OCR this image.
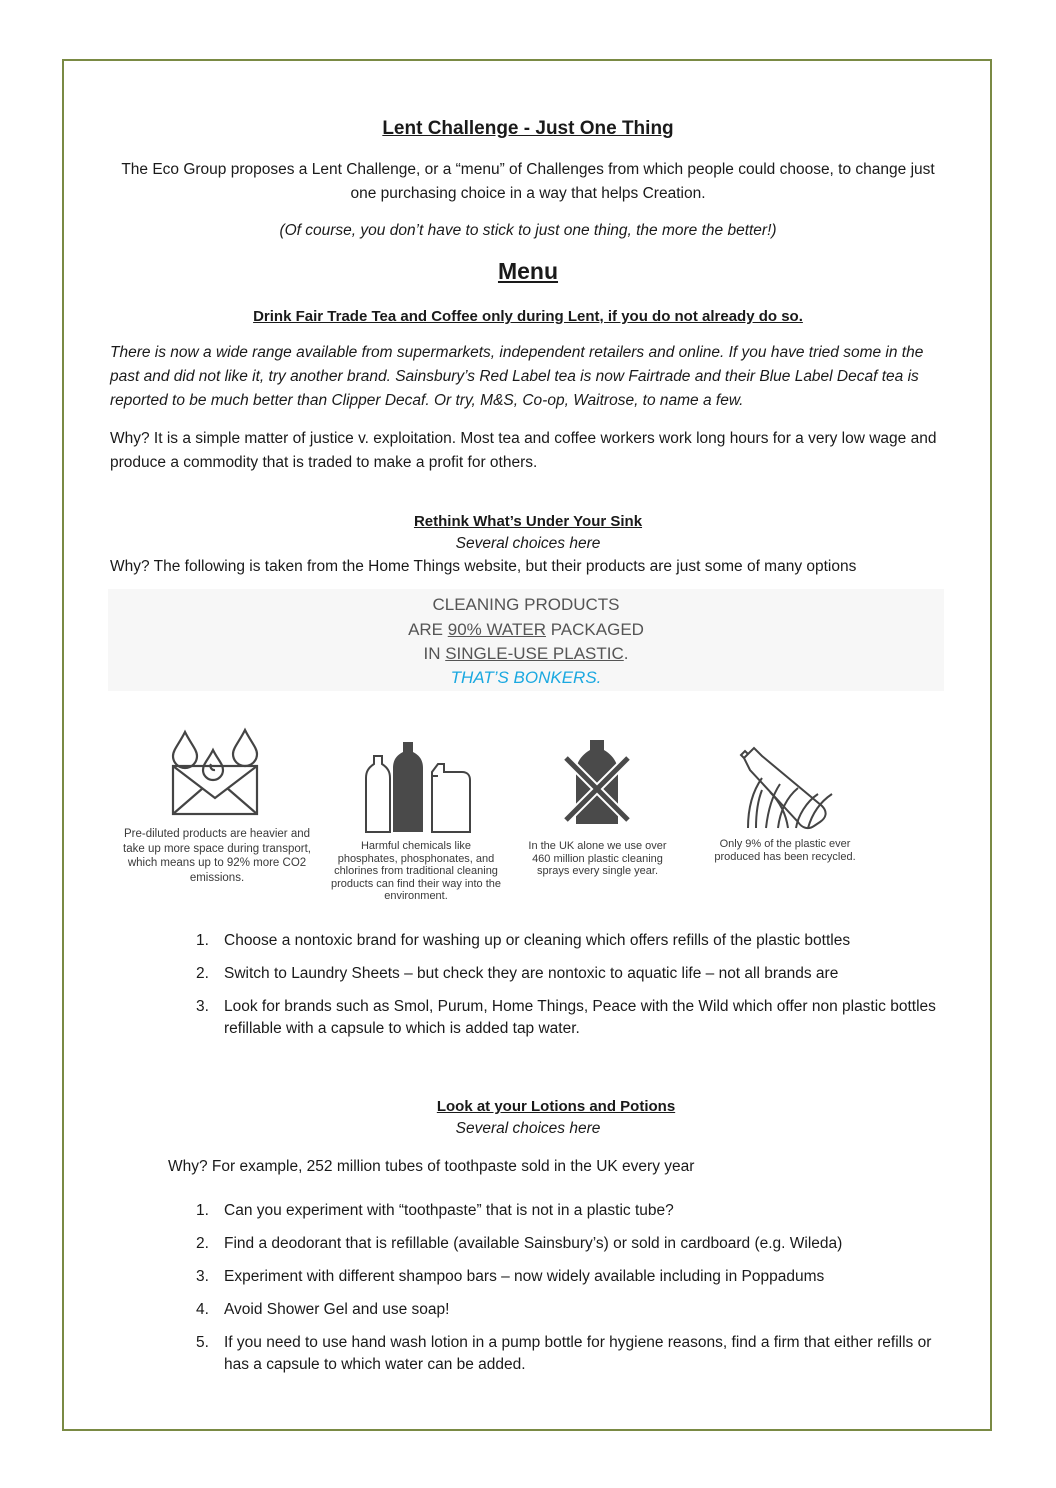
Lent Challenge - Just One Thing
The Eco Group proposes a Lent Challenge, or a “menu” of Challenges from which people could choose, to change just one purchasing choice in a way that helps Creation.
(Of course, you don’t have to stick to just one thing, the more the better!)
Menu
Drink Fair Trade Tea and Coffee only during Lent, if you do not already do so.
There is now a wide range available from supermarkets, independent retailers and online. If you have tried some in the past and did not like it, try another brand. Sainsbury’s Red Label tea is now Fairtrade and their Blue Label Decaf tea is reported to be much better than Clipper Decaf. Or try, M&S, Co-op, Waitrose, to name a few.
Why? It is a simple matter of justice v. exploitation. Most tea and coffee workers work long hours for a very low wage and produce a commodity that is traded to make a profit for others.
Rethink What’s Under Your Sink
Several choices here
Why? The following is taken from the Home Things website, but their products are just some of many options
CLEANING PRODUCTS
ARE 90% WATER PACKAGED
IN SINGLE-USE PLASTIC.
THAT’S BONKERS.
Pre-diluted products are heavier and take up more space during transport, which means up to 92% more CO2 emissions.
Harmful chemicals like phosphates, phosphonates, and chlorines from traditional cleaning products can find their way into the environment.
In the UK alone we use over 460 million plastic cleaning sprays every single year.
Only 9% of the plastic ever produced has been recycled.
1. Choose a nontoxic brand for washing up or cleaning which offers refills of the plastic bottles
2. Switch to Laundry Sheets – but check they are nontoxic to aquatic life – not all brands are
3. Look for brands such as Smol, Purum, Home Things, Peace with the Wild which offer non plastic bottles refillable with a capsule to which is added tap water.
Look at your Lotions and Potions
Several choices here
Why? For example, 252 million tubes of toothpaste sold in the UK every year
1. Can you experiment with “toothpaste” that is not in a plastic tube?
2. Find a deodorant that is refillable (available Sainsbury’s) or sold in cardboard (e.g. Wileda)
3. Experiment with different shampoo bars – now widely available including in Poppadums
4. Avoid Shower Gel and use soap!
5. If you need to use hand wash lotion in a pump bottle for hygiene reasons, find a firm that either refills or has a capsule to which water can be added.
